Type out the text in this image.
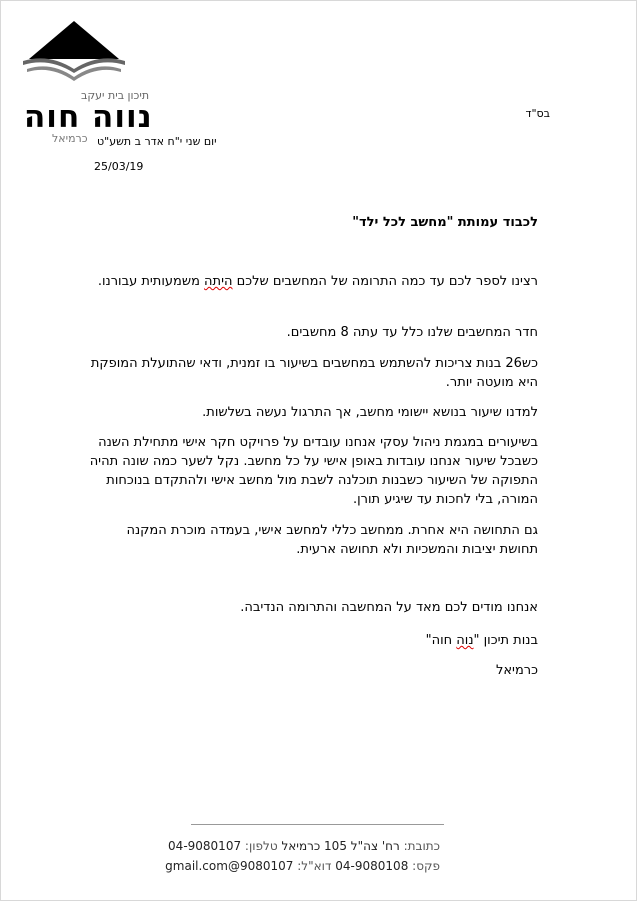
תיכון בית יעקב
נווה חוה
כרמיאל
בס"ד
יום שני י"ח אדר ב תשע"ט
25/03/19
לכבוד עמותת "מחשב לכל ילד"
רצינו לספר לכם עד כמה התרומה של המחשבים שלכם היתה משמעותית עבורנו.
חדר המחשבים שלנו כלל עד עתה 8 מחשבים.
כש26 בנות צריכות להשתמש במחשבים בשיעור בו זמנית, ודאי שהתועלת המופקת היא מועטה יותר.
למדנו שיעור בנושא יישומי מחשב, אך התרגול נעשה בשלשות.
בשיעורים במגמת ניהול עסקי אנחנו עובדים על פרויקט חקר אישי מתחילת השנה כשבכל שיעור אנחנו עובדות באופן אישי על כל מחשב. נקל לשער כמה שונה תהיה התפוקה של השיעור כשבנות תוכלנה לשבת מול מחשב אישי ולהתקדם בנוכחות המורה, בלי לחכות עד שיגיע תורן.
גם התחושה היא אחרת. ממחשב כללי למחשב אישי, בעמדה מוכרת המקנה תחושת יציבות והמשכיות ולא תחושה ארעית.
אנחנו מודים לכם מאד על המחשבה והתרומה הנדיבה.
בנות תיכון "נוה חוה"
כרמיאל
כתובת: רח' צה"ל 105 כרמיאל טלפון: 04-9080107
פקס: 04-9080108 דוא"ל: 9080107@gmail.com
